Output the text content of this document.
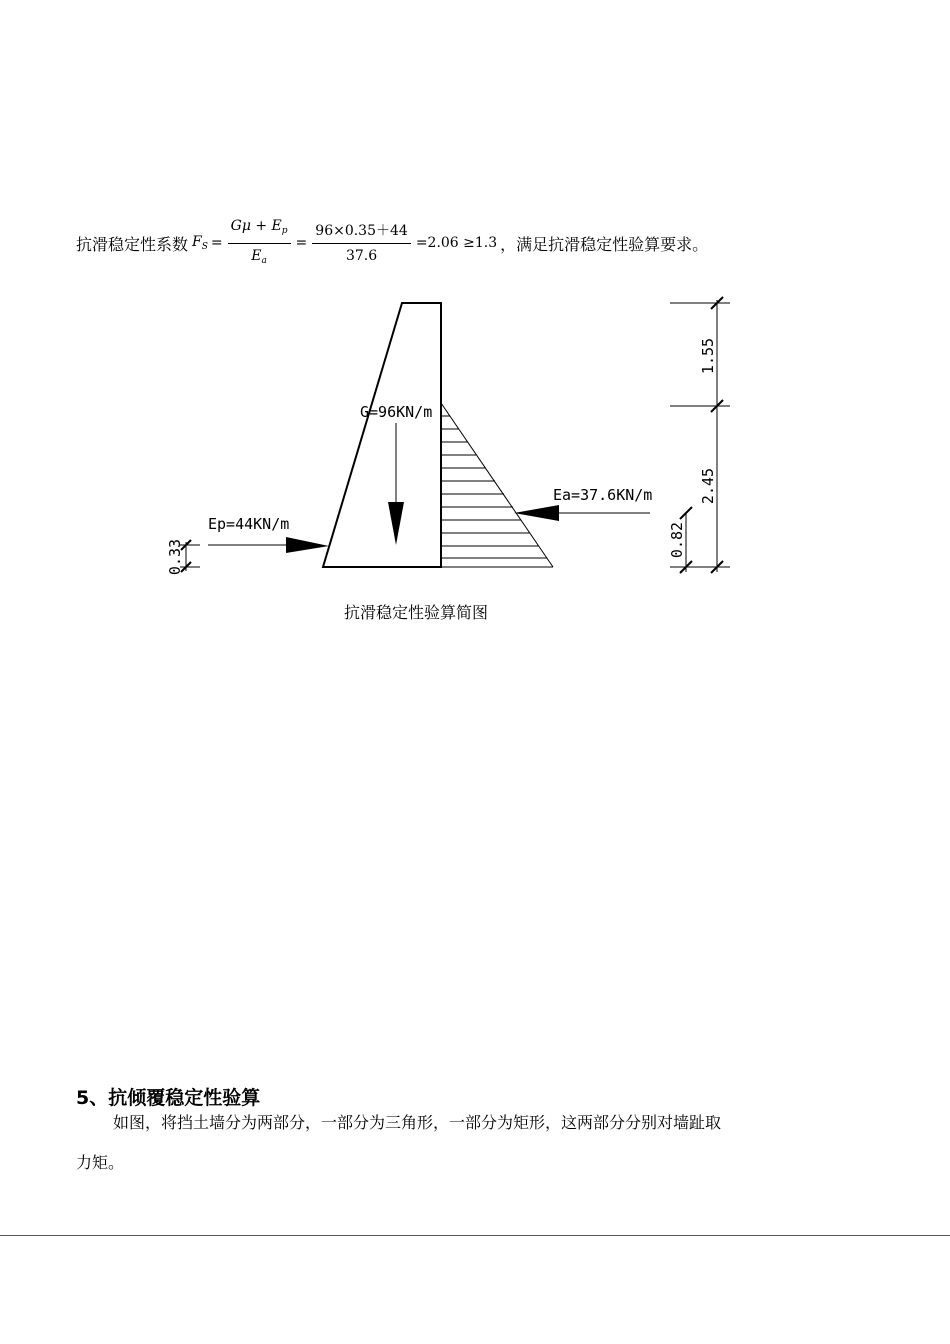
抗滑稳定性系数 $F_S = \frac{G\mu + E_p}{E_a} = \frac{96\times 0.35+44}{37.6} =2.06 \ge 1.3$ ，满足抗滑稳定性验算要求。
G=96KN/m
Ep=44KN/m
Ea=37.6KN/m
1.55
2.45
0.82
0.33
抗滑稳定性验算简图
5、抗倾覆稳定性验算
如图，将挡土墙分为两部分，一部分为三角形，一部分为矩形，这两部分分别对墙趾取
力矩。
